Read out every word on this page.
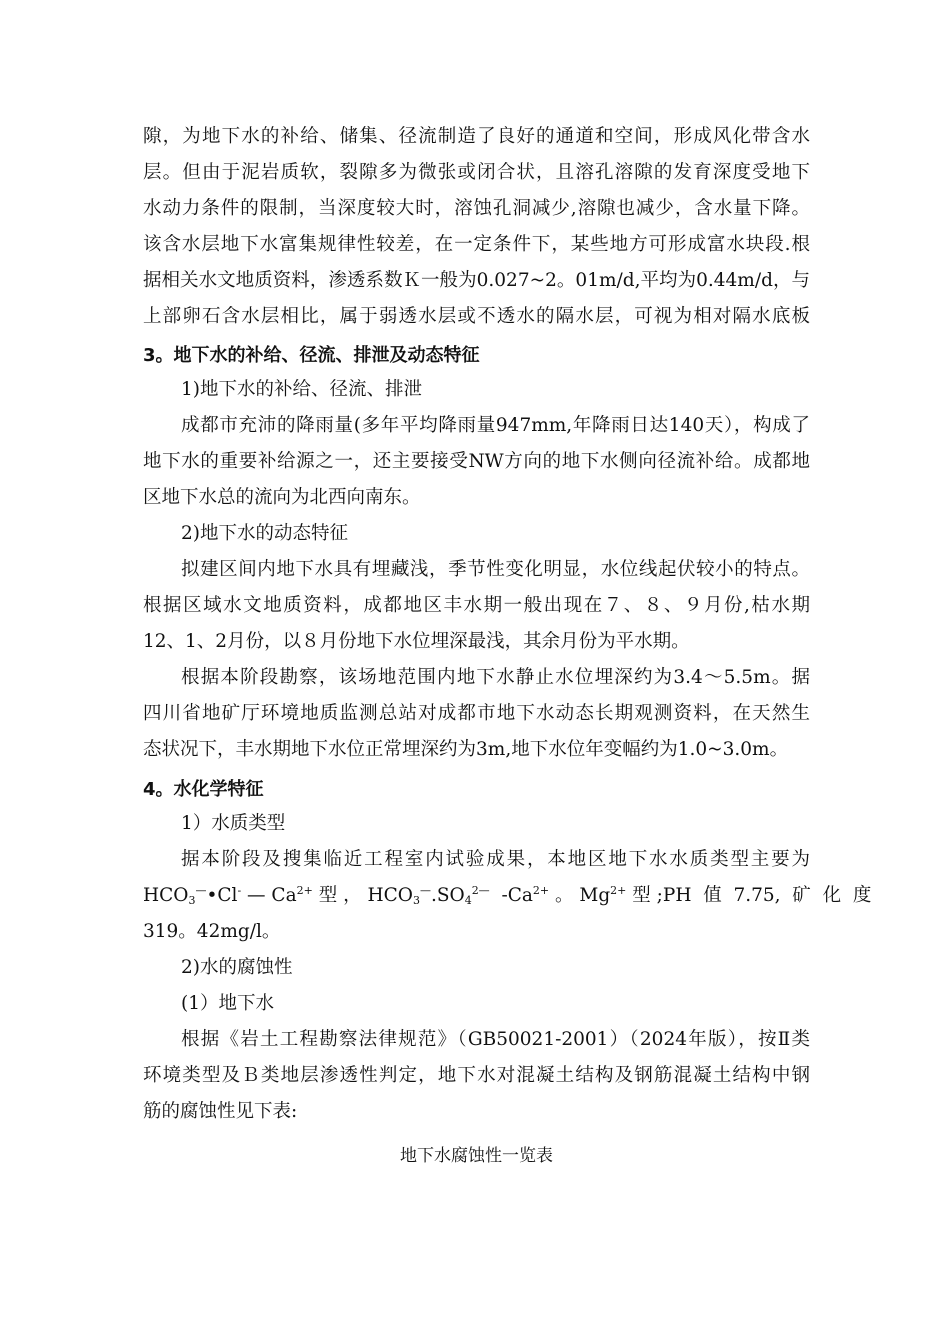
隙，为地下水的补给、储集、径流制造了良好的通道和空间，形成风化带含水
层。但由于泥岩质软，裂隙多为微张或闭合状，且溶孔溶隙的发育深度受地下
水动力条件的限制，当深度较大时，溶蚀孔洞减少,溶隙也减少，含水量下降。
该含水层地下水富集规律性较差，在一定条件下，某些地方可形成富水块段.根
据相关水文地质资料，渗透系数Ｋ一般为0.027~2。01m/d,平均为0.44m/d，与
上部卵石含水层相比，属于弱透水层或不透水的隔水层，可视为相对隔水底板
3。地下水的补给、径流、排泄及动态特征
1)地下水的补给、径流、排泄
成都市充沛的降雨量(多年平均降雨量947mm,年降雨日达140天），构成了
地下水的重要补给源之一，还主要接受NW方向的地下水侧向径流补给。成都地
区地下水总的流向为北西向南东。
2)地下水的动态特征
拟建区间内地下水具有埋藏浅，季节性变化明显，水位线起伏较小的特点。
根据区域水文地质资料，成都地区丰水期一般出现在７、８、９月份,枯水期
12、1、2月份，以８月份地下水位埋深最浅，其余月份为平水期。
根据本阶段勘察，该场地范围内地下水静止水位埋深约为3.4～5.5m。据
四川省地矿厅环境地质监测总站对成都市地下水动态长期观测资料，在天然生
态状况下，丰水期地下水位正常埋深约为3m,地下水位年变幅约为1.0~3.0m。
4。水化学特征
1）水质类型
据本阶段及搜集临近工程室内试验成果，本地区地下水水质类型主要为
$HCO_3^—•Cl^-$ — $Ca^{2+}$ 型 ， $HCO_3^—.SO_4^{2—}$  $-Ca^{2+}$ 。 $Mg^{2+}$ 型 ;PH  值  7.75,  矿  化  度
319。42mg/l。
2)水的腐蚀性
(1）地下水
根据《岩土工程勘察法律规范》（GB50021-2001）（2024年版），按Ⅱ类
环境类型及Ｂ类地层渗透性判定，地下水对混凝土结构及钢筋混凝土结构中钢
筋的腐蚀性见下表:
地下水腐蚀性一览表
